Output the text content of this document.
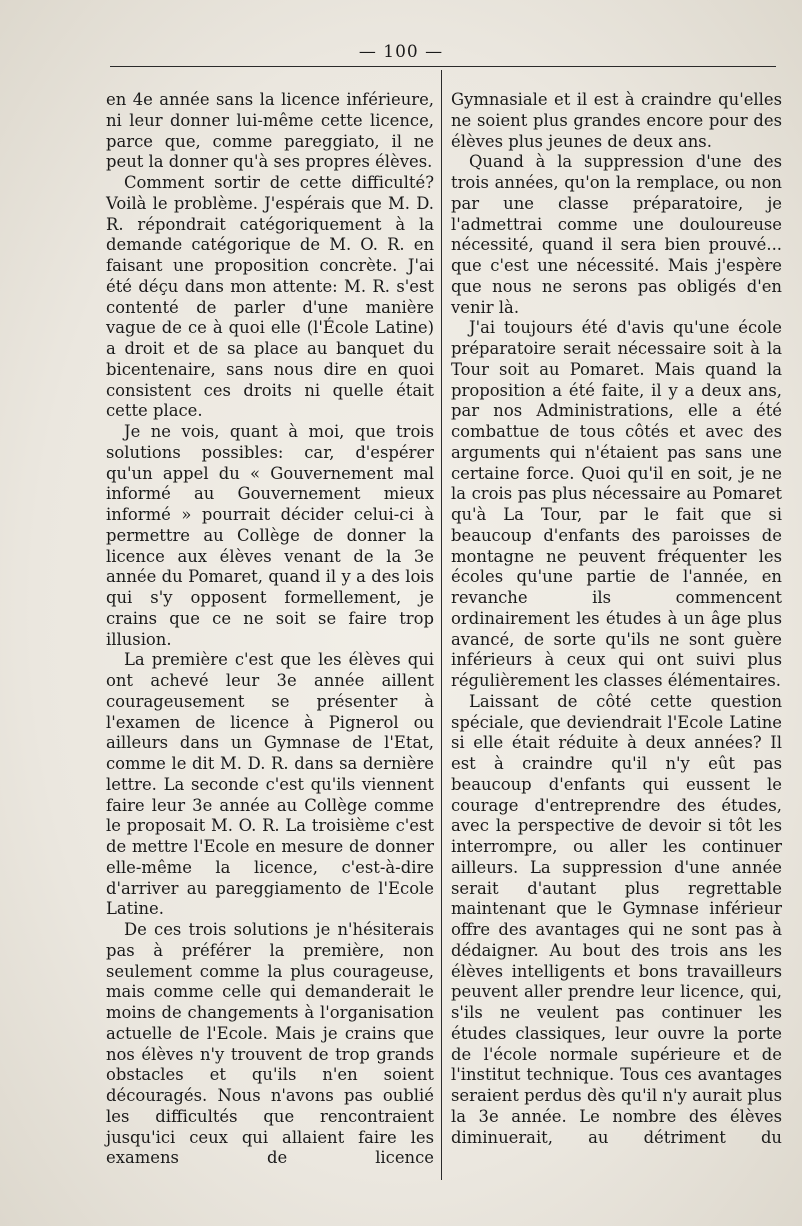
— 100 —

en 4e année sans la licence inférieure, ni leur donner lui-même cette licence, parce que, comme pareggiato, il ne peut la donner qu'à ses propres élèves.

Comment sortir de cette difficulté? Voilà le problème. J'espérais que M. D. R. répondrait catégoriquement à la demande catégorique de M. O. R. en faisant une proposition concrète. J'ai été déçu dans mon attente: M. R. s'est contenté de parler d'une manière vague de ce à quoi elle (l'École Latine) a droit et de sa place au banquet du bicentenaire, sans nous dire en quoi consistent ces droits ni quelle était cette place.

Je ne vois, quant à moi, que trois solutions possibles: car, d'espérer qu'un appel du « Gouvernement mal informé au Gouvernement mieux informé » pourrait décider celui-ci à permettre au Collège de donner la licence aux élèves venant de la 3e année du Pomaret, quand il y a des lois qui s'y opposent formellement, je crains que ce ne soit se faire trop illusion.

La première c'est que les élèves qui ont achevé leur 3e année aillent courageusement se présenter à l'examen de licence à Pignerol ou ailleurs dans un Gymnase de l'Etat, comme le dit M. D. R. dans sa dernière lettre. La seconde c'est qu'ils viennent faire leur 3e année au Collège comme le proposait M. O. R. La troisième c'est de mettre l'Ecole en mesure de donner elle-même la licence, c'est-à-dire d'arriver au pareggiamento de l'Ecole Latine.

De ces trois solutions je n'hésiterais pas à préférer la première, non seulement comme la plus courageuse, mais comme celle qui demanderait le moins de changements à l'organisation actuelle de l'Ecole. Mais je crains que nos élèves n'y trouvent de trop grands obstacles et qu'ils n'en soient découragés. Nous n'avons pas oublié les difficultés que rencontraient jusqu'ici ceux qui allaient faire les examens de licence

Gymnasiale et il est à craindre qu'elles ne soient plus grandes encore pour des élèves plus jeunes de deux ans.

Quand à la suppression d'une des trois années, qu'on la remplace, ou non par une classe préparatoire, je l'admettrai comme une douloureuse nécessité, quand il sera bien prouvé... que c'est une nécessité. Mais j'espère que nous ne serons pas obligés d'en venir là.

J'ai toujours été d'avis qu'une école préparatoire serait nécessaire soit à la Tour soit au Pomaret. Mais quand la proposition a été faite, il y a deux ans, par nos Administrations, elle a été combattue de tous côtés et avec des arguments qui n'étaient pas sans une certaine force. Quoi qu'il en soit, je ne la crois pas plus nécessaire au Pomaret qu'à La Tour, par le fait que si beaucoup d'enfants des paroisses de montagne ne peuvent fréquenter les écoles qu'une partie de l'année, en revanche ils commencent ordinairement les études à un âge plus avancé, de sorte qu'ils ne sont guère inférieurs à ceux qui ont suivi plus régulièrement les classes élémentaires.

Laissant de côté cette question spéciale, que deviendrait l'Ecole Latine si elle était réduite à deux années? Il est à craindre qu'il n'y eût pas beaucoup d'enfants qui eussent le courage d'entreprendre des études, avec la perspective de devoir si tôt les interrompre, ou aller les continuer ailleurs. La suppression d'une année serait d'autant plus regrettable maintenant que le Gymnase inférieur offre des avantages qui ne sont pas à dédaigner. Au bout des trois ans les élèves intelligents et bons travailleurs peuvent aller prendre leur licence, qui, s'ils ne veulent pas continuer les études classiques, leur ouvre la porte de l'école normale supérieure et de l'institut technique. Tous ces avantages seraient perdus dès qu'il n'y aurait plus la 3e année. Le nombre des élèves diminuerait, au détriment du
